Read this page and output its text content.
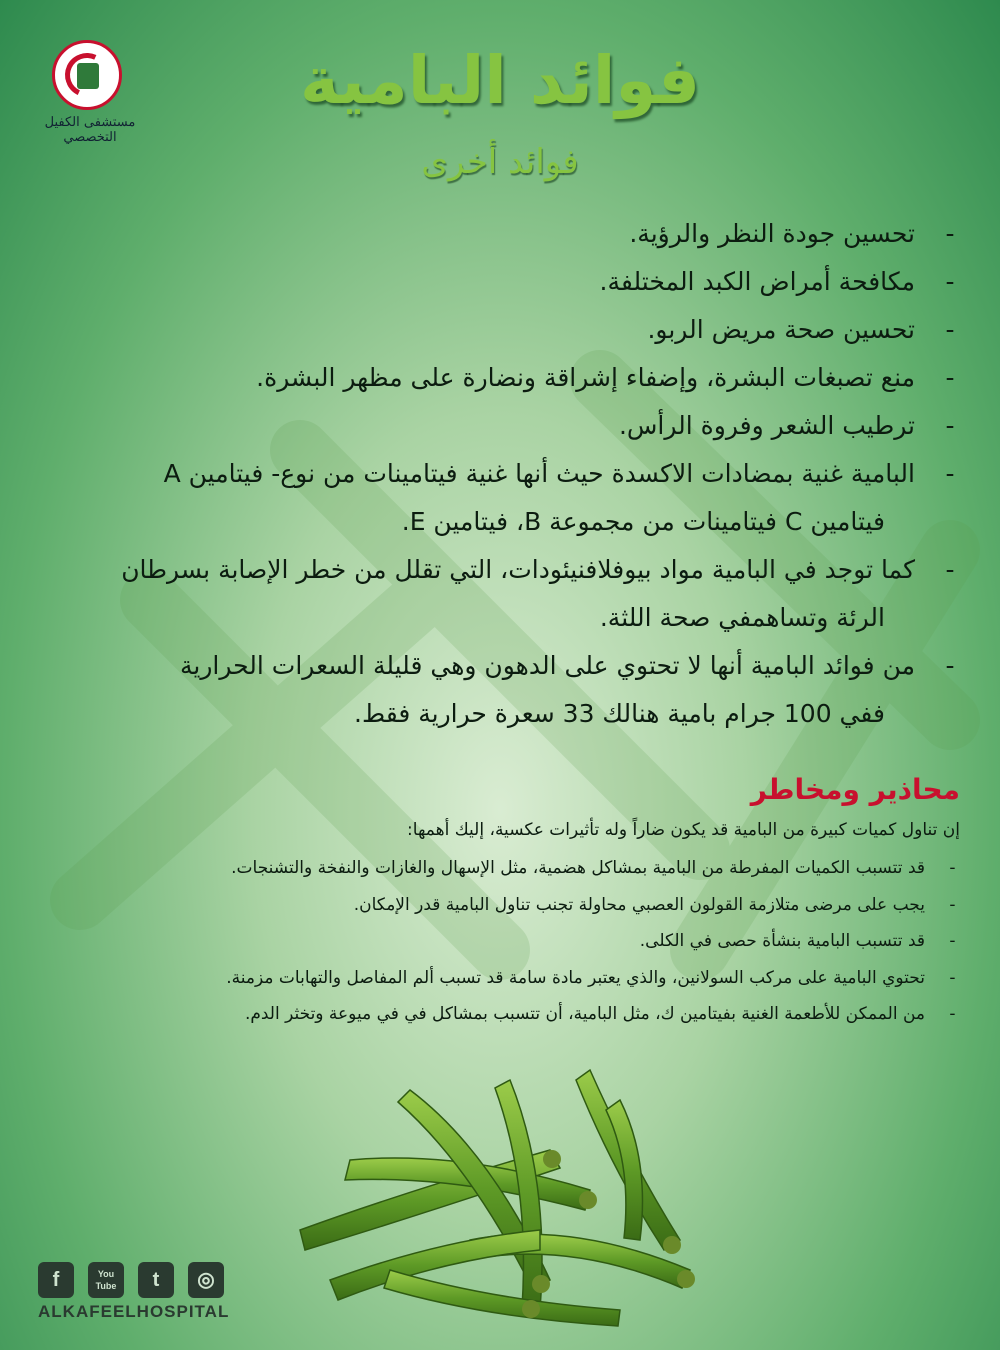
مستشفى الكفيل التخصصي
فوائد البامية
فوائد أخرى
-
تحسين جودة النظر والرؤية.
-
مكافحة أمراض الكبد المختلفة.
-
تحسين صحة مريض الربو.
-
منع تصبغات البشرة، وإضفاء إشراقة ونضارة على مظهر البشرة.
-
ترطيب الشعر وفروة الرأس.
-
البامية غنية بمضادات الاكسدة حيث أنها غنية فيتامينات من نوع- فيتامين A
فيتامين C فيتامينات من مجموعة B، فيتامين E.
-
كما توجد في البامية مواد بيوفلافنيئودات، التي تقلل من خطر الإصابة بسرطان
الرئة وتساهمفي صحة اللثة.
-
من فوائد البامية أنها لا تحتوي على الدهون وهي قليلة السعرات الحرارية
ففي 100 جرام بامية هنالك 33 سعرة حرارية فقط.
محاذير ومخاطر
إن تناول كميات كبيرة من البامية قد يكون ضاراً وله تأثيرات عكسية، إليك أهمها:
-
قد تتسبب الكميات المفرطة من البامية بمشاكل هضمية، مثل الإسهال والغازات والنفخة والتشنجات.
-
يجب على مرضى متلازمة القولون العصبي محاولة تجنب تناول البامية قدر الإمكان.
-
قد تتسبب البامية بنشأة حصى في الكلى.
-
تحتوي البامية على مركب السولانين، والذي يعتبر مادة سامة قد تسبب ألم المفاصل والتهابات مزمنة.
-
من الممكن للأطعمة الغنية بفيتامين ك، مثل البامية، أن تتسبب بمشاكل في في ميوعة وتخثر الدم.
f	You Tube	t	◎
ALKAFEELHOSPITAL
